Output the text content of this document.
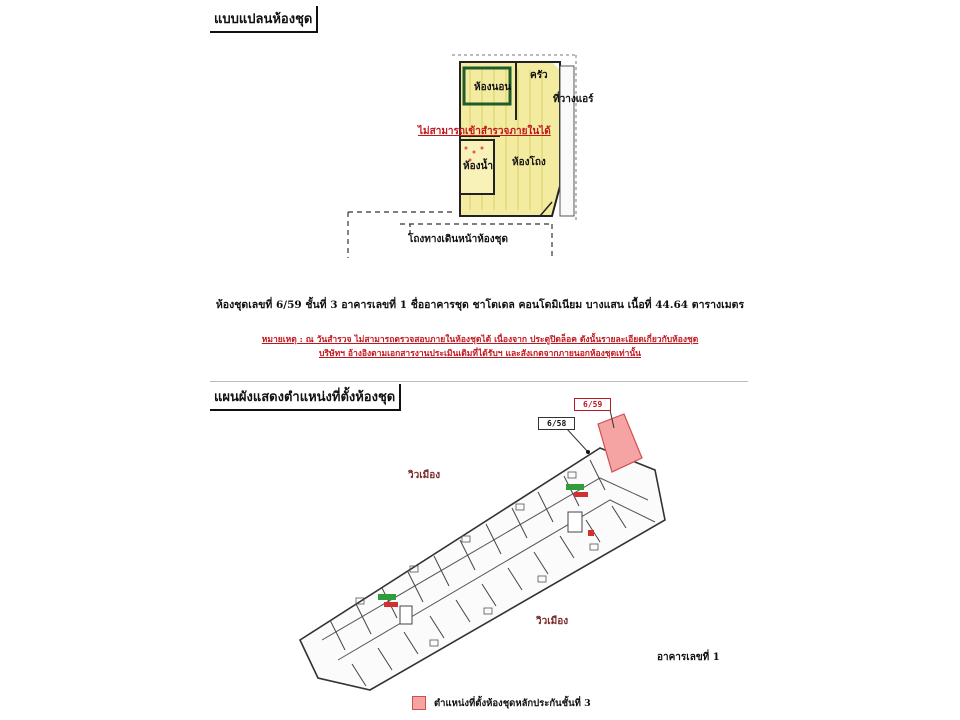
แบบแปลนห้องชุด
ห้องนอน
ครัว
ที่วางแอร์
ไม่สามารถเข้าสำรวจภายในได้
ห้องน้ำ ห้องโถง
โถงทางเดินหน้าห้องชุด
ห้องชุดเลขที่ 6/59 ชั้นที่ 3 อาคารเลขที่ 1 ชื่ออาคารชุด ชาโตเดล คอนโดมิเนียม บางแสน เนื้อที่ 44.64 ตารางเมตร
หมายเหตุ : ณ วันสำรวจ ไม่สามารถตรวจสอบภายในห้องชุดได้ เนื่องจาก ประตูปิดล็อค ดังนั้นรายละเอียดเกี่ยวกับห้องชุด
บริษัทฯ อ้างอิงตามเอกสารงานประเมินเดิมที่ได้รับฯ และสังเกตจากภายนอกห้องชุดเท่านั้น
แผนผังแสดงตำแหน่งที่ตั้งห้องชุด	6/59
6/58
วิวเมือง
วิวเมือง
อาคารเลขที่ 1
ตำแหน่งที่ตั้งห้องชุดหลักประกันชั้นที่ 3
